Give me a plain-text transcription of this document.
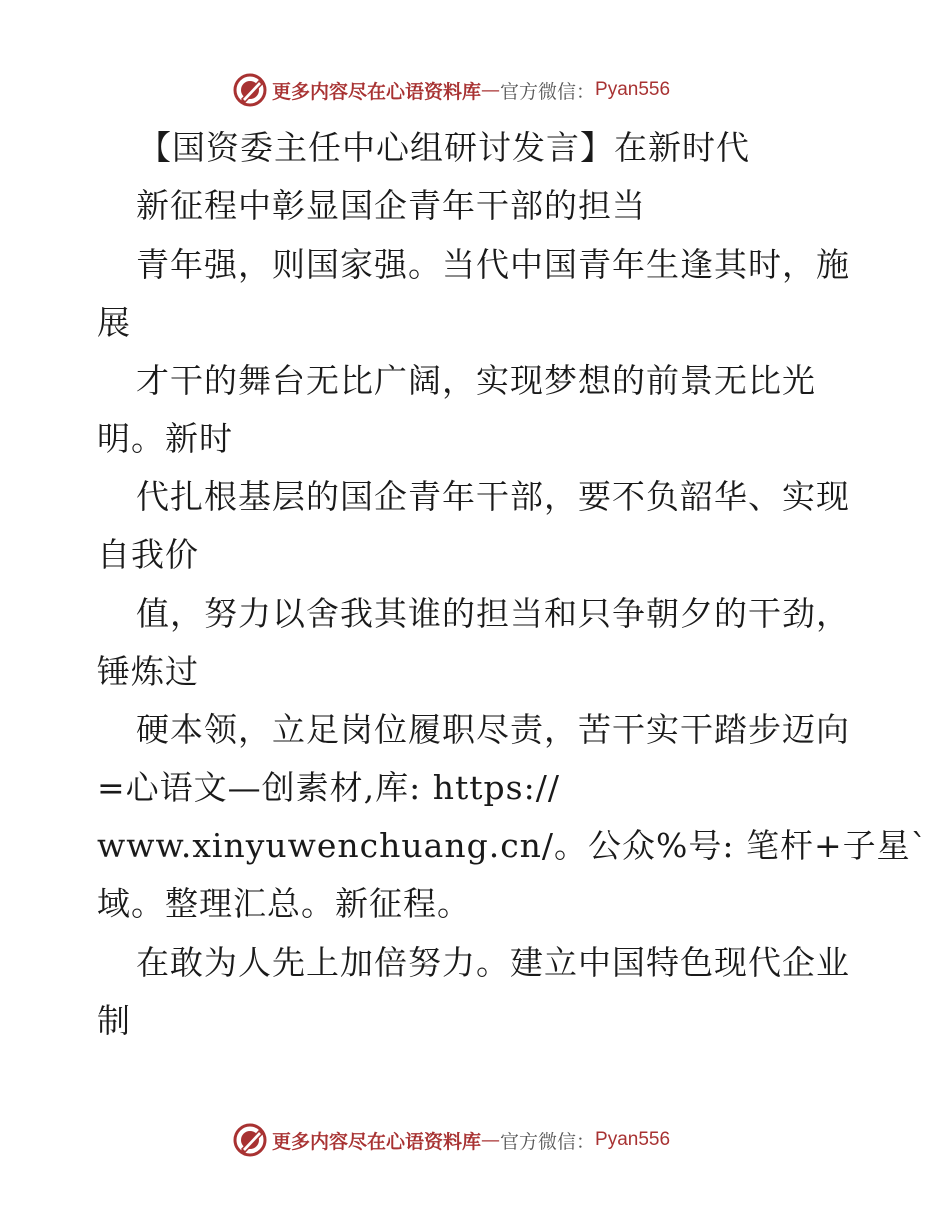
更多内容尽在心语资料库 — 官方微信： Pyan556
【国资委主任中心组研讨发言】在新时代
新征程中彰显国企青年干部的担当
青年强，则国家强。当代中国青年生逢其时，施
展
才干的舞台无比广阔，实现梦想的前景无比光
明。新时
代扎根基层的国企青年干部，要不负韶华、实现
自我价
值，努力以舍我其谁的担当和只争朝夕的干劲，
锤炼过
硬本领，立足岗位履职尽责，苦干实干踏步迈向
=心语文—创素材,库: https://
www.xinyuwenchuang.cn/。公众%号: 笔杆+子星`
域。整理汇总。新征程。
在敢为人先上加倍努力。建立中国特色现代企业
制
更多内容尽在心语资料库 — 官方微信： Pyan556
